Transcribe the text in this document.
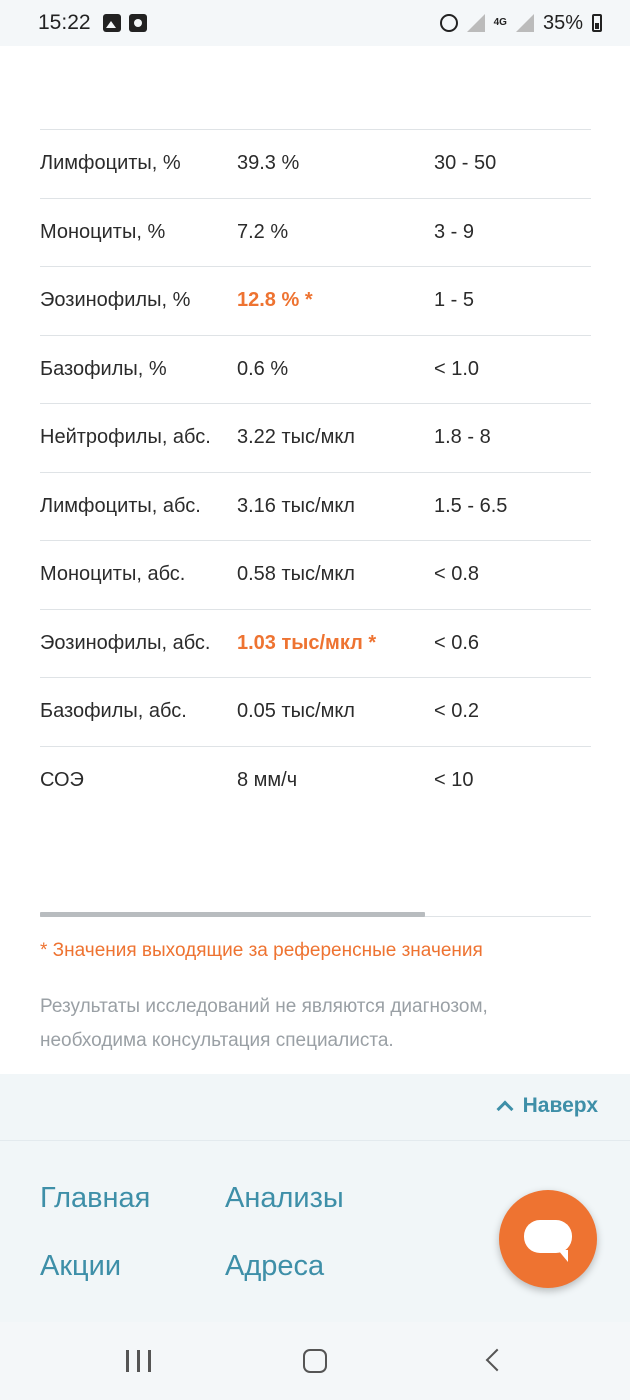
15:22	4G 35%
Лимфоциты, %	39.3 %	30 - 50
Моноциты, %	7.2 %	3 - 9
Эозинофилы, %	12.8 % *	1 - 5
Базофилы, %	0.6 %	< 1.0
Нейтрофилы, абс.	3.22 тыс/мкл	1.8 - 8
Лимфоциты, абс.	3.16 тыс/мкл	1.5 - 6.5
Моноциты, абс.	0.58 тыс/мкл	< 0.8
Эозинофилы, абс.	1.03 тыс/мкл *	< 0.6
Базофилы, абс.	0.05 тыс/мкл	< 0.2
СОЭ	8 мм/ч	< 10
* Значения выходящие за референсные значения
Результаты исследований не являются диагнозом, необходима консультация специалиста.
Наверх
Главная	Анализы
Акции	Адреса
